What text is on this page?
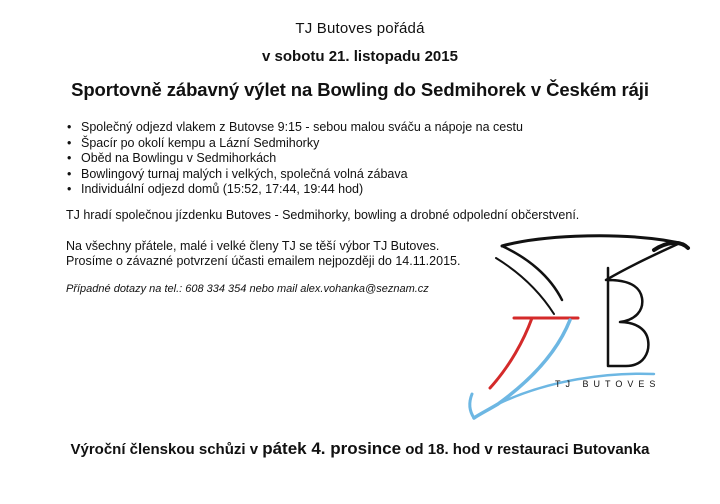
TJ Butoves pořádá
v sobotu 21. listopadu 2015
Sportovně zábavný výlet na Bowling do Sedmihorek v Českém ráji
• Společný odjezd vlakem z Butovse 9:15 - sebou malou sváču a nápoje na cestu
• Špacír po okolí kempu a Lázní Sedmihorky
• Oběd na Bowlingu v Sedmihorkách
• Bowlingový turnaj malých i velkých, společná volná zábava
• Individuální odjezd domů (15:52, 17:44, 19:44 hod)
TJ hradí společnou jízdenku Butoves - Sedmihorky, bowling a drobné odpolední občerstvení.
Na všechny přátele, malé i velké členy TJ se těší výbor TJ Butoves.
Prosíme o závazné potvrzení účasti emailem nejpozději do 14.11.2015.
Případné dotazy na tel.: 608 334 354 nebo mail alex.vohanka@seznam.cz
TJ BUTOVES
Výroční členskou schůzi v pátek 4. prosince od 18. hod v restauraci Butovanka
